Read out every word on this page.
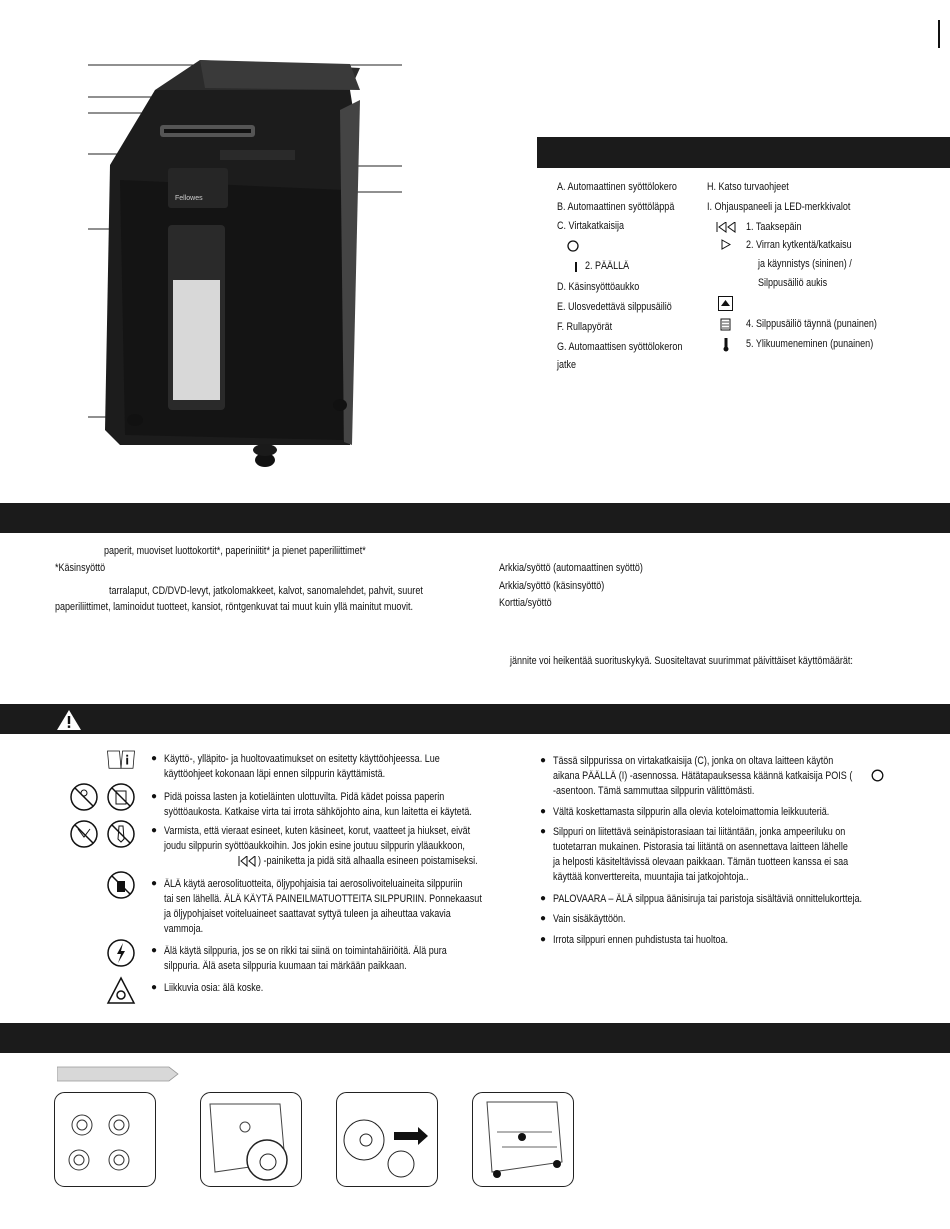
Fellowes
A. Automaattinen syöttölokero
B. Automaattinen syöttöläppä
C. Virtakatkaisija
2. PÄÄLLÄ
D. Käsinsyöttöaukko
E. Ulosvedettävä silppusäiliö
F. Rullapyörät
G. Automaattisen syöttölokeron
jatke
H. Katso turvaohjeet
I. Ohjauspaneeli ja LED-merkkivalot
1. Taaksepäin
2. Virran kytkentä/katkaisu
ja käynnistys (sininen) /
Silppusäiliö aukis
4. Silppusäiliö täynnä (punainen)
5. Ylikuumeneminen (punainen)
paperit, muoviset luottokortit*, paperiniitit* ja pienet paperiliittimet*
*Käsinsyöttö
tarralaput, CD/DVD-levyt, jatkolomakkeet, kalvot, sanomalehdet, pahvit, suuret
paperiliittimet, laminoidut tuotteet, kansiot, röntgenkuvat tai muut kuin yllä mainitut muovit.
Arkkia/syöttö (automaattinen syöttö)
Arkkia/syöttö (käsinsyöttö)
Korttia/syöttö
jännite voi heikentää suorituskykyä. Suositeltavat suurimmat päivittäiset käyttömäärät:
● Käyttö-, ylläpito- ja huoltovaatimukset on esitetty käyttöohjeessa. Lue
käyttöohjeet kokonaan läpi ennen silppurin käyttämistä.
● Pidä poissa lasten ja kotieläinten ulottuvilta. Pidä kädet poissa paperin
syöttöaukosta. Katkaise virta tai irrota sähköjohto aina, kun laitetta ei käytetä.
● Varmista, että vieraat esineet, kuten käsineet, korut, vaatteet ja hiukset, eivät
joudu silppurin syöttöaukkoihin. Jos jokin esine joutuu silppurin yläaukkoon,
) -painiketta ja pidä sitä alhaalla esineen poistamiseksi.
● ÄLÄ käytä aerosolituotteita, öljypohjaisia tai aerosolivoiteluaineita silppuriin
tai sen lähellä. ÄLÄ KÄYTÄ PAINEILMATUOTTEITA SILPPURIIN. Ponnekaasut
ja öljypohjaiset voiteluaineet saattavat syttyä tuleen ja aiheuttaa vakavia
vammoja.
● Älä käytä silppuria, jos se on rikki tai siinä on toimintahäiriöitä. Älä pura
silppuria. Älä aseta silppuria kuumaan tai märkään paikkaan.
● Liikkuvia osia: älä koske.
● Tässä silppurissa on virtakatkaisija (C), jonka on oltava laitteen käytön
aikana PÄÄLLÄ (I) -asennossa. Hätätapauksessa käännä katkaisija POIS (
-asentoon. Tämä sammuttaa silppurin välittömästi.
● Vältä koskettamasta silppurin alla olevia koteloimattomia leikkuuteriä.
● Silppuri on liitettävä seinäpistorasiaan tai liitäntään, jonka ampeeriluku on
tuotetarran mukainen. Pistorasia tai liitäntä on asennettava laitteen lähelle
ja helposti käsiteltävissä olevaan paikkaan. Tämän tuotteen kanssa ei saa
käyttää konverttereita, muuntajia tai jatkojohtoja..
● PALOVAARA – ÄLÄ silppua äänisiruja tai paristoja sisältäviä onnittelukortteja.
● Vain sisäkäyttöön.
● Irrota silppuri ennen puhdistusta tai huoltoa.
